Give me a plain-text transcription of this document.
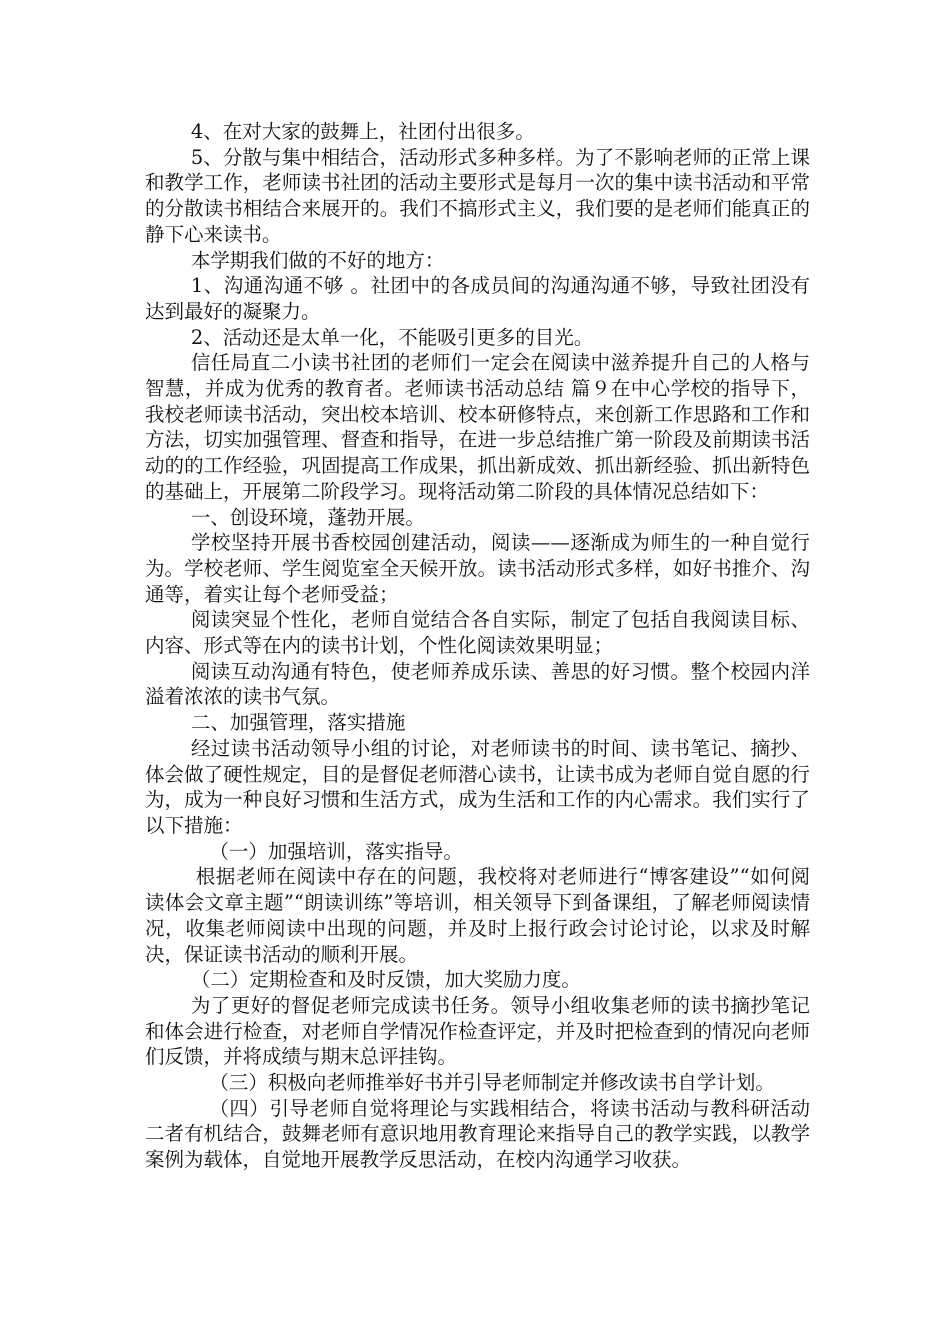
4、在对大家的鼓舞上，社团付出很多。

5、分散与集中相结合，活动形式多种多样。为了不影响老师的正常上课和教学工作，老师读书社团的活动主要形式是每月一次的集中读书活动和平常的分散读书相结合来展开的。我们不搞形式主义，我们要的是老师们能真正的静下心来读书。

本学期我们做的不好的地方：

1、沟通沟通不够 。社团中的各成员间的沟通沟通不够，导致社团没有达到最好的凝聚力。

2、活动还是太单一化，不能吸引更多的目光。

信任局直二小读书社团的老师们一定会在阅读中滋养提升自己的人格与智慧，并成为优秀的教育者。老师读书活动总结 篇９在中心学校的指导下，我校老师读书活动，突出校本培训、校本研修特点，来创新工作思路和工作和方法，切实加强管理、督查和指导，在进一步总结推广第一阶段及前期读书活动的的工作经验，巩固提高工作成果，抓出新成效、抓出新经验、抓出新特色的基础上，开展第二阶段学习。现将活动第二阶段的具体情况总结如下：

一、创设环境，蓬勃开展。

学校坚持开展书香校园创建活动，阅读——逐渐成为师生的一种自觉行为。学校老师、学生阅览室全天候开放。读书活动形式多样，如好书推介、沟通等，着实让每个老师受益；

阅读突显个性化，老师自觉结合各自实际，制定了包括自我阅读目标、内容、形式等在内的读书计划，个性化阅读效果明显；

阅读互动沟通有特色，使老师养成乐读、善思的好习惯。整个校园内洋溢着浓浓的读书气氛。

二、加强管理，落实措施

经过读书活动领导小组的讨论，对老师读书的时间、读书笔记、摘抄、体会做了硬性规定，目的是督促老师潜心读书，让读书成为老师自觉自愿的行为，成为一种良好习惯和生活方式，成为生活和工作的内心需求。我们实行了以下措施：

（一）加强培训，落实指导。

根据老师在阅读中存在的问题，我校将对老师进行“博客建设”“如何阅读体会文章主题”“朗读训练”等培训，相关领导下到备课组，了解老师阅读情况，收集老师阅读中出现的问题，并及时上报行政会讨论讨论，以求及时解决，保证读书活动的顺利开展。

（二）定期检查和及时反馈，加大奖励力度。

为了更好的督促老师完成读书任务。领导小组收集老师的读书摘抄笔记和体会进行检查，对老师自学情况作检查评定，并及时把检查到的情况向老师们反馈，并将成绩与期末总评挂钩。

（三）积极向老师推举好书并引导老师制定并修改读书自学计划。

（四）引导老师自觉将理论与实践相结合，将读书活动与教科研活动二者有机结合，鼓舞老师有意识地用教育理论来指导自己的教学实践，以教学案例为载体，自觉地开展教学反思活动，在校内沟通学习收获。
